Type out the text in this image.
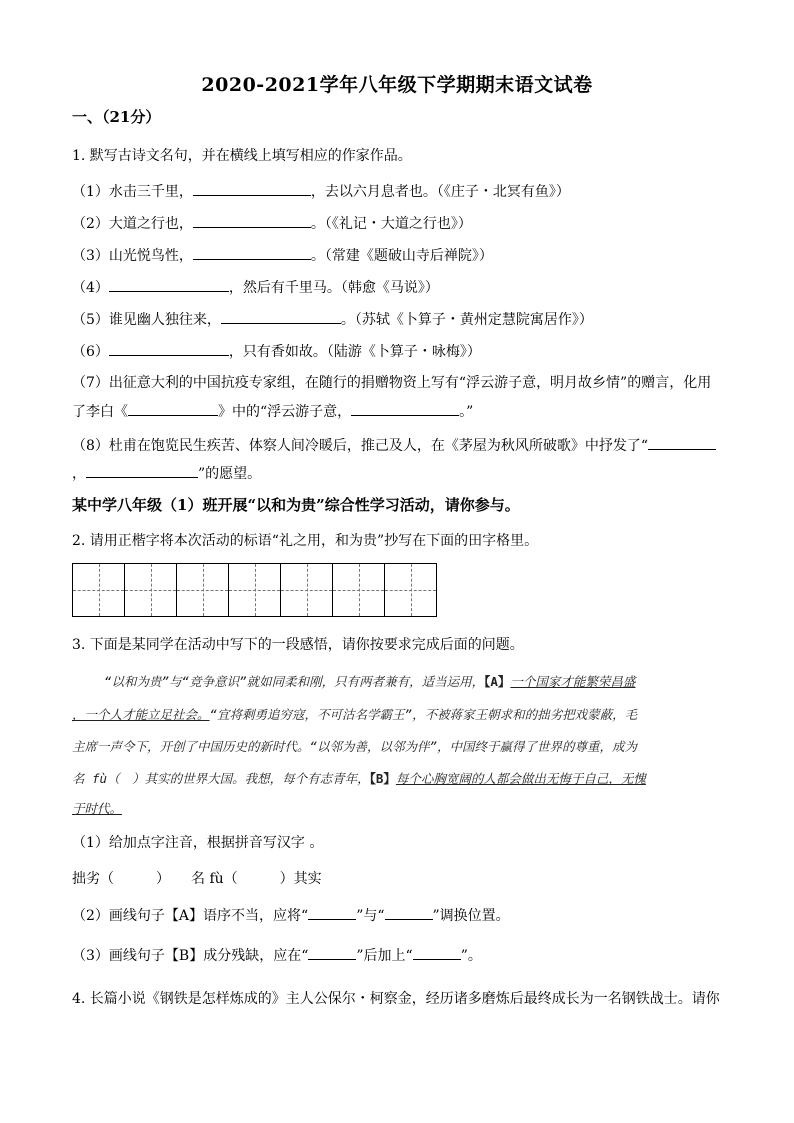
2020-2021学年八年级下学期期末语文试卷
一、（21分）
1. 默写古诗文名句，并在横线上填写相应的作家作品。
（1）水击三千里，	，去以六月息者也。（《庄子・北冥有鱼》）
（2）大道之行也，	。（《礼记・大道之行也》）
（3）山光悦鸟性，	。（常建《题破山寺后禅院》）
（4）	，然后有千里马。（韩愈《马说》）
（5）谁见幽人独往来，	。（苏轼《卜算子・黄州定慧院寓居作》）
（6）	，只有香如故。（陆游《卜算子・咏梅》）
（7）出征意大利的中国抗疫专家组，在随行的捐赠物资上写有“浮云游子意，明月故乡情”的赠言，化用
了李白《	》中的“浮云游子意，	。”
（8）杜甫在饱览民生疾苦、体察人间冷暖后，推己及人，在《茅屋为秋风所破歌》中抒发了“
，	”的愿望。
某中学八年级（1）班开展“以和为贵”综合性学习活动，请你参与。
2. 请用正楷字将本次活动的标语“礼之用，和为贵”抄写在下面的田字格里。
3. 下面是某同学在活动中写下的一段感悟，请你按要求完成后面的问题。
“以和为贵”与“竞争意识”就如同柔和刚，只有两者兼有，适当运用，【A】一个国家才能繁荣昌盛
，一个人才能立足社会。“宜将剩勇追穷寇，不可沽名学霸王”，不被蒋家王朝求和的拙劣把戏蒙蔽，毛
主席一声令下，开创了中国历史的新时代。“以邻为善，以邻为伴”，中国终于赢得了世界的尊重，成为
名 fù（　）其实的世界大国。我想，每个有志青年，【B】每个心胸宽阔的人都会做出无悔于自己，无愧
于时代。
（1）给加点字注音，根据拼音写汉字 。
拙劣（　　　）　　名 fù（　　　）其实
（2）画线句子【A】语序不当，应将“	”与“	”调换位置。
（3）画线句子【B】成分残缺，应在“	”后加上“	”。
4. 长篇小说《钢铁是怎样炼成的》主人公保尔・柯察金，经历诸多磨炼后最终成长为一名钢铁战士。请你
